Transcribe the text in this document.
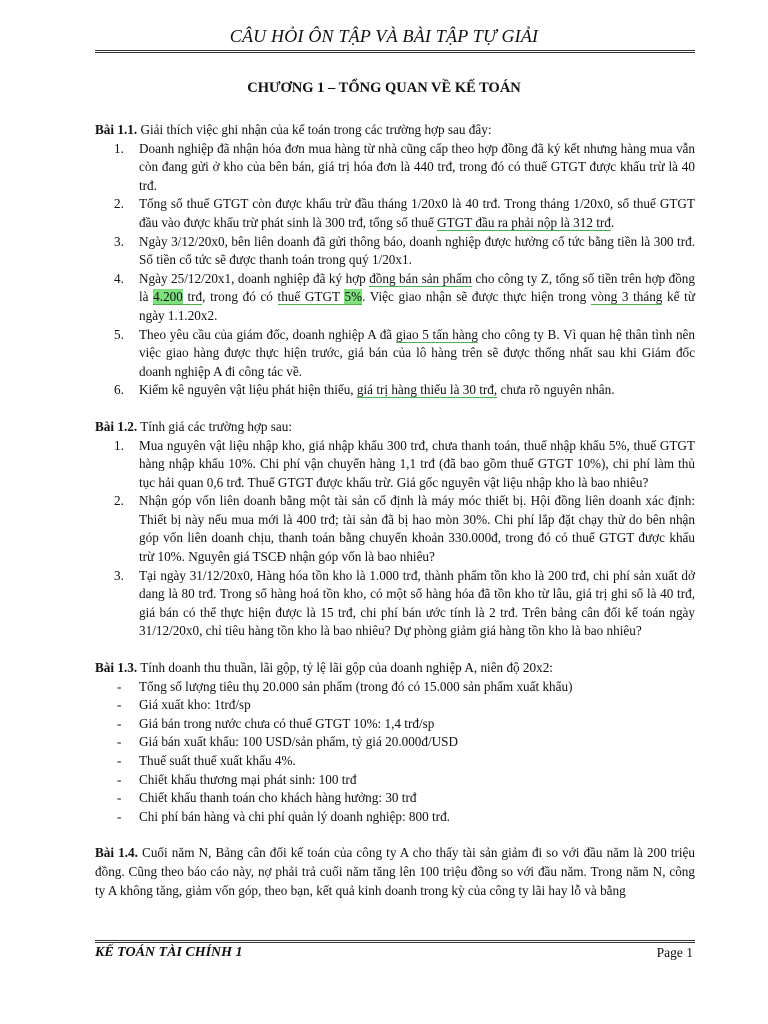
CÂU HỎI ÔN TẬP VÀ BÀI TẬP TỰ GIẢI
CHƯƠNG 1 – TỔNG QUAN VỀ KẾ TOÁN

Bài 1.1. Giải thích việc ghi nhận của kế toán trong các trường hợp sau đây:

1. Doanh nghiệp đã nhận hóa đơn mua hàng từ nhà cũng cấp theo hợp đồng đã ký kết nhưng hàng mua vẫn còn đang gửi ở kho của bên bán, giá trị hóa đơn là 440 trđ, trong đó có thuế GTGT được khấu trừ là 40 trđ.
2. Tổng số thuế GTGT còn được khấu trừ đầu tháng 1/20x0 là 40 trđ. Trong tháng 1/20x0, số thuế GTGT đầu vào được khấu trừ phát sinh là 300 trđ, tổng số thuế GTGT đầu ra phải nộp là 312 trđ.
3. Ngày 3/12/20x0, bên liên doanh đã gửi thông báo, doanh nghiệp được hưởng cổ tức bằng tiền là 300 trđ. Số tiền cổ tức sẽ được thanh toán trong quý 1/20x1.
4. Ngày 25/12/20x1, doanh nghiệp đã ký hợp đồng bán sản phẩm cho công ty Z, tổng số tiền trên hợp đồng là 4.200 trđ, trong đó có thuế GTGT 5%. Việc giao nhận sẽ được thực hiện trong vòng 3 tháng kể từ ngày 1.1.20x2.
5. Theo yêu cầu của giám đốc, doanh nghiệp A đã giao 5 tấn hàng cho công ty B. Vì quan hệ thân tình nên việc giao hàng được thực hiện trước, giá bán của lô hàng trên sẽ được thống nhất sau khi Giám đốc doanh nghiệp A đi công tác về.
6. Kiểm kê nguyên vật liệu phát hiện thiếu, giá trị hàng thiếu là 30 trđ, chưa rõ nguyên nhân.

Bài 1.2. Tính giá các trường hợp sau:

1. Mua nguyên vật liệu nhập kho, giá nhập khẩu 300 trđ, chưa thanh toán, thuế nhập khẩu 5%, thuế GTGT hàng nhập khẩu 10%. Chi phí vận chuyển hàng 1,1 trđ (đã bao gồm thuế GTGT 10%), chi phí làm thủ tục hải quan 0,6 trđ. Thuế GTGT được khấu trừ. Giá gốc nguyên vật liệu nhập kho là bao nhiêu?
2. Nhận góp vốn liên doanh bằng một tài sản cố định là máy móc thiết bị. Hội đồng liên doanh xác định: Thiết bị này nếu mua mới là 400 trđ; tài sản đã bị hao mòn 30%. Chi phí lắp đặt chạy thử do bên nhận góp vốn liên doanh chịu, thanh toán bằng chuyển khoản 330.000đ, trong đó có thuế GTGT được khấu trừ 10%. Nguyên giá TSCĐ nhận góp vốn là bao nhiêu?
3. Tại ngày 31/12/20x0, Hàng hóa tồn kho là 1.000 trđ, thành phẩm tồn kho là 200 trđ, chi phí sản xuất dở dang là 80 trđ. Trong số hàng hoá tồn kho, có một số hàng hóa đã tồn kho từ lâu, giá trị ghi sổ là 40 trđ, giá bán có thể thực hiện được là 15 trđ, chi phí bán ước tính là 2 trđ. Trên bảng cân đối kế toán ngày 31/12/20x0, chỉ tiêu hàng tồn kho là bao nhiêu? Dự phòng giảm giá hàng tồn kho là bao nhiêu?

Bài 1.3. Tính doanh thu thuần, lãi gộp, tỷ lệ lãi gộp của doanh nghiệp A, niên độ 20x2:

- Tổng số lượng tiêu thụ 20.000 sản phẩm (trong đó có 15.000 sản phẩm xuất khẩu)
- Giá xuất kho: 1trđ/sp
- Giá bán trong nước chưa có thuế GTGT 10%: 1,4 trđ/sp
- Giá bán xuất khẩu: 100 USD/sản phẩm, tỷ giá 20.000đ/USD
- Thuế suất thuế xuất khẩu 4%.
- Chiết khấu thương mại phát sinh: 100 trđ
- Chiết khấu thanh toán cho khách hàng hưởng: 30 trđ
- Chi phí bán hàng và chi phí quản lý doanh nghiệp: 800 trđ.

Bài 1.4. Cuối năm N, Bảng cân đối kế toán của công ty A cho thấy tài sản giảm đi so với đầu năm là 200 triệu đồng. Cũng theo báo cáo này, nợ phải trả cuối năm tăng lên 100 triệu đồng so với đầu năm. Trong năm N, công ty A không tăng, giảm vốn góp, theo bạn, kết quả kinh doanh trong kỳ của công ty lãi hay lỗ và bằng

KẾ TOÁN TÀI CHÍNH 1	Page 1
